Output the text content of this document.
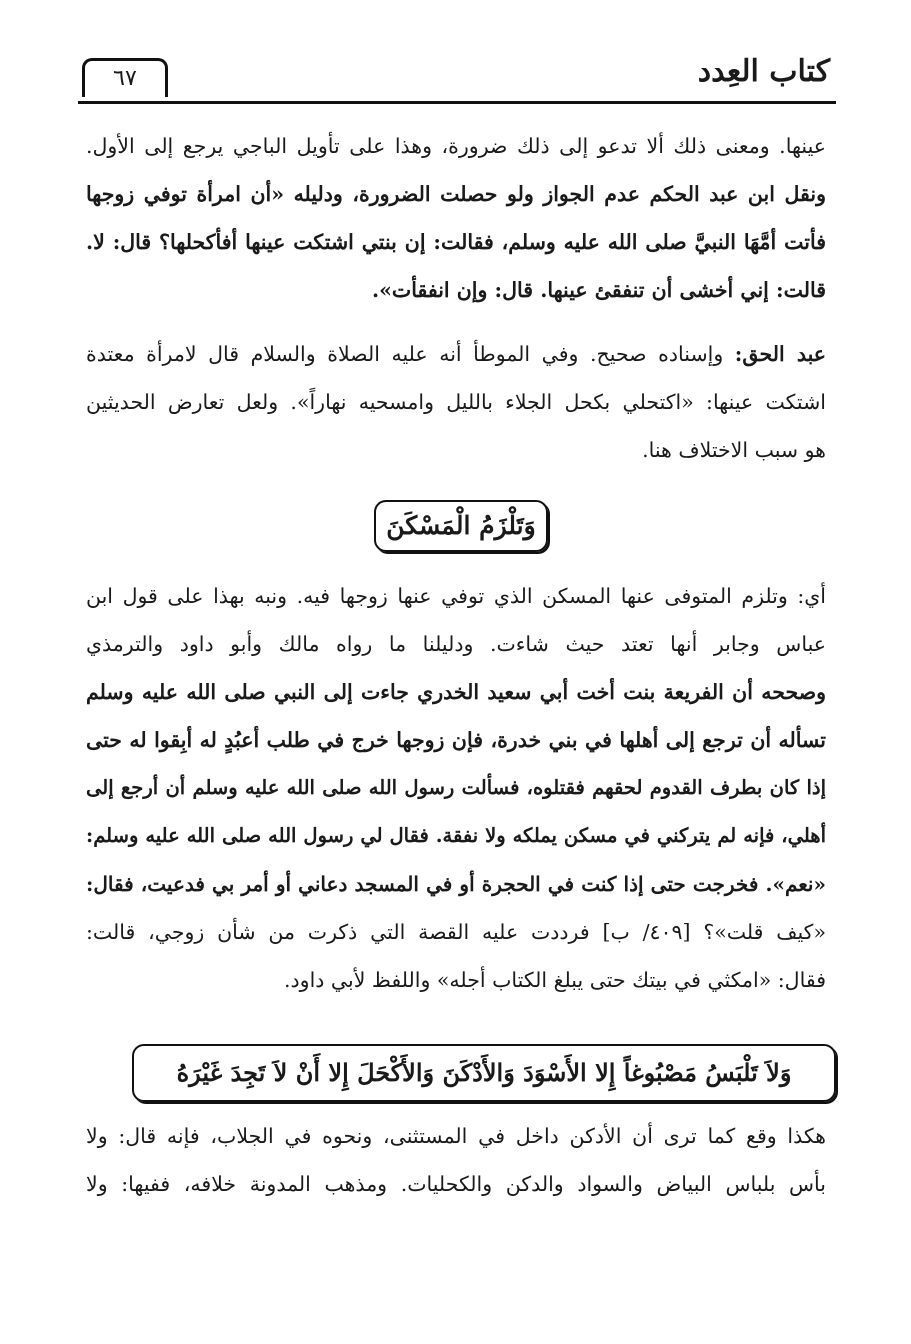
كتاب العِدد
٦٧
عينها. ومعنى ذلك ألا تدعو إلى ذلك ضرورة، وهذا على تأويل الباجي يرجع إلى الأول.
ونقل ابن عبد الحكم عدم الجواز ولو حصلت الضرورة، ودليله «أن امرأة توفي زوجها
فأتت أمَّهَا النبيَّ صلى الله عليه وسلم، فقالت: إن بنتي اشتكت عينها أفأكحلها؟ قال: لا.
قالت: إني أخشى أن تنفقئ عينها. قال: وإن انفقأت».
عبد الحق: وإسناده صحيح. وفي الموطأ أنه عليه الصلاة والسلام قال لامرأة معتدة
اشتكت عينها: «اكتحلي بكحل الجلاء بالليل وامسحيه نهاراً». ولعل تعارض الحديثين
هو سبب الاختلاف هنا.
وَتَلْزَمُ الْمَسْكَنَ
أي: وتلزم المتوفى عنها المسكن الذي توفي عنها زوجها فيه. ونبه بهذا على قول ابن
عباس وجابر أنها تعتد حيث شاءت. ودليلنا ما رواه مالك وأبو داود والترمذي
وصححه أن الفريعة بنت أخت أبي سعيد الخدري جاءت إلى النبي صلى الله عليه وسلم
تسأله أن ترجع إلى أهلها في بني خدرة، فإن زوجها خرج في طلب أعبُدٍ له أبِقوا له حتى
إذا كان بطرف القدوم لحقهم فقتلوه، فسألت رسول الله صلى الله عليه وسلم أن أرجع إلى
أهلي، فإنه لم يتركني في مسكن يملكه ولا نفقة. فقال لي رسول الله صلى الله عليه وسلم:
«نعم». فخرجت حتى إذا كنت في الحجرة أو في المسجد دعاني أو أمر بي فدعيت، فقال:
«كيف قلت»؟ [٤٠٩/ ب] فرددت عليه القصة التي ذكرت من شأن زوجي، قالت:
فقال: «امكثي في بيتك حتى يبلغ الكتاب أجله» واللفظ لأبي داود.
وَلاَ تَلْبَسُ مَصْبُوغاً إِلا الأَسْوَدَ وَالأَدْكَنَ وَالأَكْحَلَ إِلا أَنْ لاَ تَجِدَ غَيْرَهُ
هكذا وقع كما ترى أن الأدكن داخل في المستثنى، ونحوه في الجلاب، فإنه قال: ولا
بأس بلباس البياض والسواد والدكن والكحليات. ومذهب المدونة خلافه، ففيها: ولا
